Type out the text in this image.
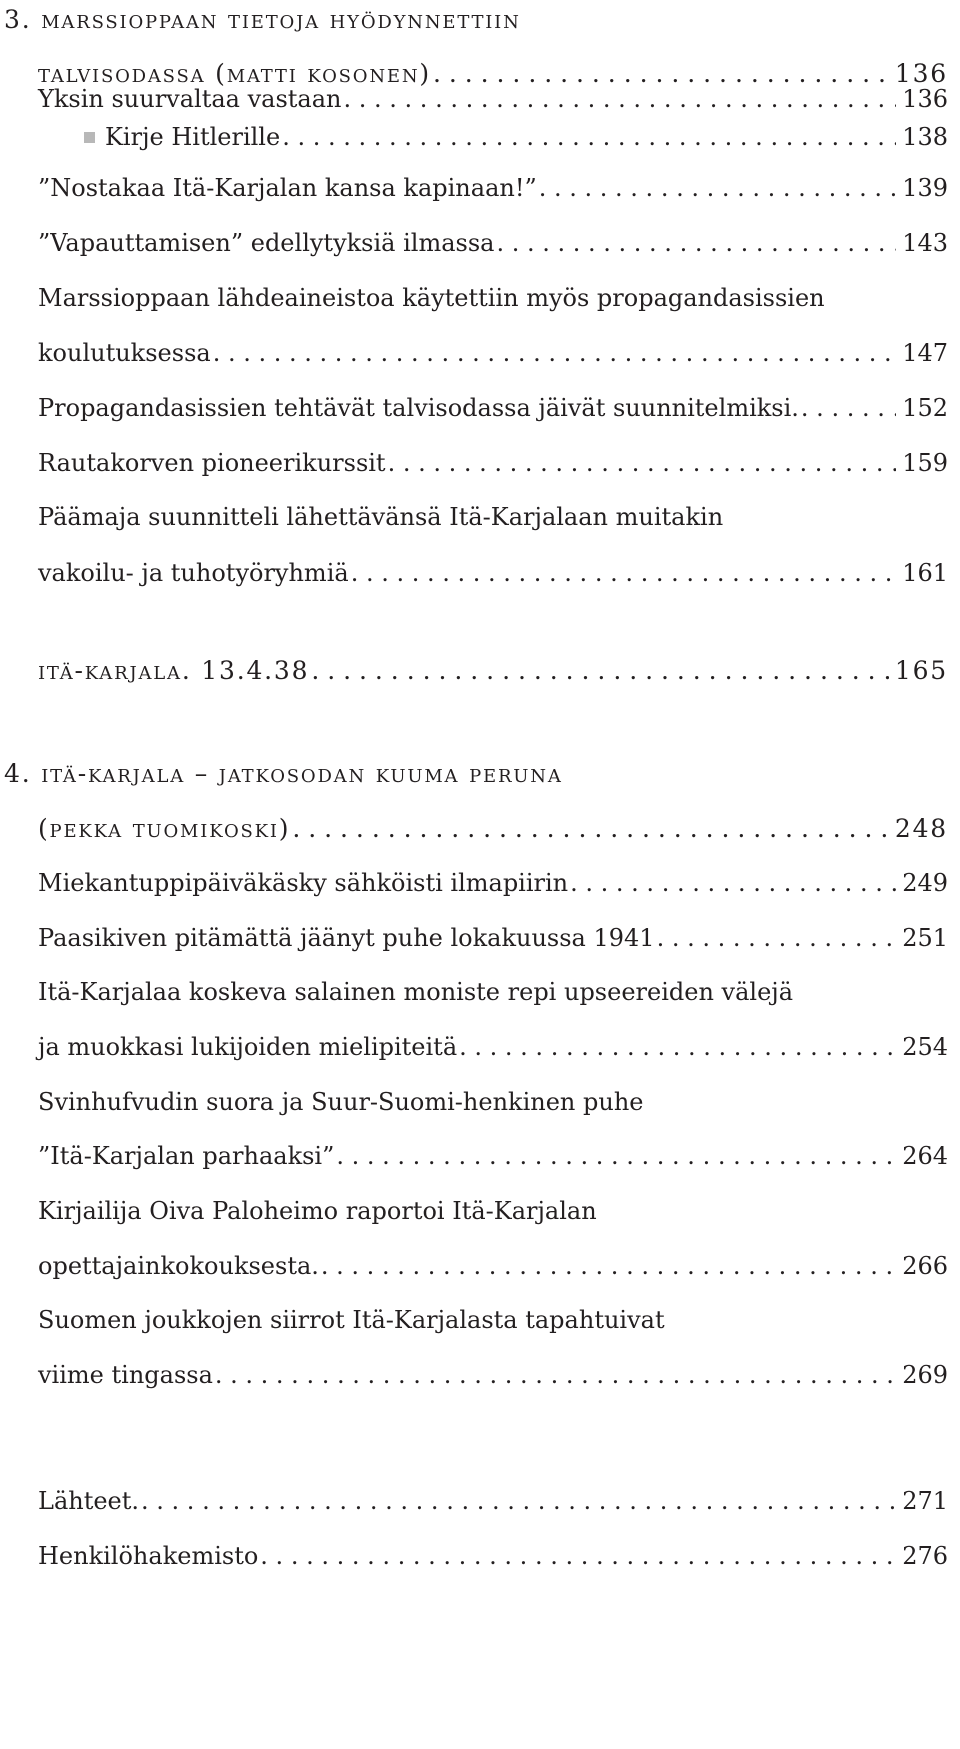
3. marssioppaan tietoja hyödynnettiin
talvisodassa (matti kosonen) . . .	136
Yksin suurvaltaa vastaan . . .	136
Kirje Hitlerille . . .	138
”Nostakaa Itä-Karjalan kansa kapinaan!” . . .	139
”Vapauttamisen” edellytyksiä ilmassa . . .	143
Marssioppaan lähdeaineistoa käytettiin myös propagandasissien
koulutuksessa . . .	147
Propagandasissien tehtävät talvisodassa jäivät suunnitelmiksi. . . .	152
Rautakorven pioneerikurssit . . .	159
Päämaja suunnitteli lähettävänsä Itä-Karjalaan muitakin
vakoilu- ja tuhotyöryhmiä . . .	161
itä-karjala. 13.4.38 . . .	165
4. itä-karjala – jatkosodan kuuma peruna
(pekka tuomikoski) . . .	248
Miekantuppipäiväkäsky sähköisti ilmapiirin . . .	249
Paasikiven pitämättä jäänyt puhe lokakuussa 1941 . . .	251
Itä-Karjalaa koskeva salainen moniste repi upseereiden välejä
ja muokkasi lukijoiden mielipiteitä . . .	254
Svinhufvudin suora ja Suur-Suomi-henkinen puhe
”Itä-Karjalan parhaaksi” . . .	264
Kirjailija Oiva Paloheimo raportoi Itä-Karjalan
opettajainkokouksesta. . . .	266
Suomen joukkojen siirrot Itä-Karjalasta tapahtuivat
viime tingassa . . .	269
Lähteet. . . .	271
Henkilöhakemisto . . .	276
